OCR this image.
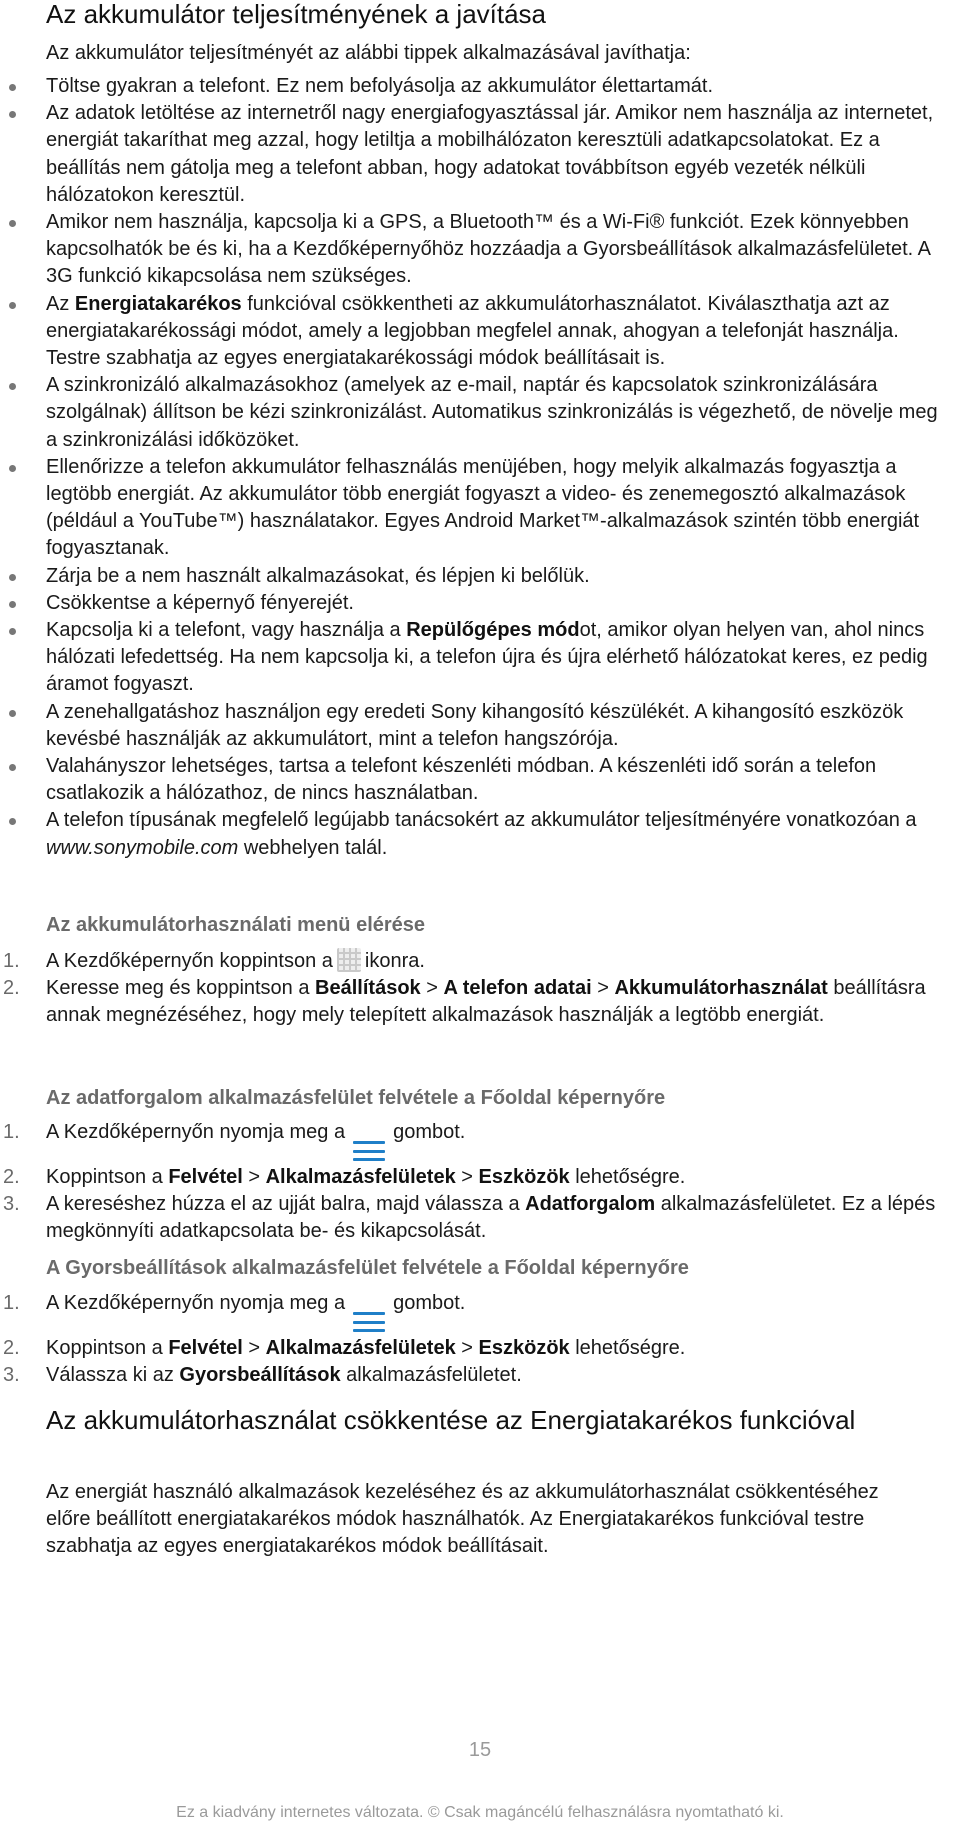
Az akkumulátor teljesítményének a javítása

Az akkumulátor teljesítményét az alábbi tippek alkalmazásával javíthatja:

Töltse gyakran a telefont. Ez nem befolyásolja az akkumulátor élettartamát.
Az adatok letöltése az internetről nagy energiafogyasztással jár. Amikor nem használja az internetet, energiát takaríthat meg azzal, hogy letiltja a mobilhálózaton keresztüli adatkapcsolatokat. Ez a beállítás nem gátolja meg a telefont abban, hogy adatokat továbbítson egyéb vezeték nélküli hálózatokon keresztül.
Amikor nem használja, kapcsolja ki a GPS, a Bluetooth™ és a Wi-Fi® funkciót. Ezek könnyebben kapcsolhatók be és ki, ha a Kezdőképernyőhöz hozzáadja a Gyorsbeállítások alkalmazásfelületet. A 3G funkció kikapcsolása nem szükséges.
Az Energiatakarékos funkcióval csökkentheti az akkumulátorhasználatot. Kiválaszthatja azt az energiatakarékossági módot, amely a legjobban megfelel annak, ahogyan a telefonját használja. Testre szabhatja az egyes energiatakarékossági módok beállításait is.
A szinkronizáló alkalmazásokhoz (amelyek az e-mail, naptár és kapcsolatok szinkronizálására szolgálnak) állítson be kézi szinkronizálást. Automatikus szinkronizálás is végezhető, de növelje meg a szinkronizálási időközöket.
Ellenőrizze a telefon akkumulátor felhasználás menüjében, hogy melyik alkalmazás fogyasztja a legtöbb energiát. Az akkumulátor több energiát fogyaszt a video- és zenemegosztó alkalmazások (például a YouTube™) használatakor. Egyes Android Market™-alkalmazások szintén több energiát fogyasztanak.
Zárja be a nem használt alkalmazásokat, és lépjen ki belőlük.
Csökkentse a képernyő fényerejét.
Kapcsolja ki a telefont, vagy használja a Repülőgépes módot, amikor olyan helyen van, ahol nincs hálózati lefedettség. Ha nem kapcsolja ki, a telefon újra és újra elérhető hálózatokat keres, ez pedig áramot fogyaszt.
A zenehallgatáshoz használjon egy eredeti Sony kihangosító készülékét. A kihangosító eszközök kevésbé használják az akkumulátort, mint a telefon hangszórója.
Valahányszor lehetséges, tartsa a telefont készenléti módban. A készenléti idő során a telefon csatlakozik a hálózathoz, de nincs használatban.
A telefon típusának megfelelő legújabb tanácsokért az akkumulátor teljesítményére vonatkozóan a www.sonymobile.com webhelyen talál.
Az akkumulátorhasználati menü elérése
1. A Kezdőképernyőn koppintson a ikonra.
2. Keresse meg és koppintson a Beállítások > A telefon adatai > Akkumulátorhasználat beállításra annak megnézéséhez, hogy mely telepített alkalmazások használják a legtöbb energiát.
Az adatforgalom alkalmazásfelület felvétele a Főoldal képernyőre
1. A Kezdőképernyőn nyomja meg a gombot.
2. Koppintson a Felvétel > Alkalmazásfelületek > Eszközök lehetőségre.
3. A kereséshez húzza el az ujját balra, majd válassza a Adatforgalom alkalmazásfelületet. Ez a lépés megkönnyíti adatkapcsolata be- és kikapcsolását.
A Gyorsbeállítások alkalmazásfelület felvétele a Főoldal képernyőre
1. A Kezdőképernyőn nyomja meg a gombot.
2. Koppintson a Felvétel > Alkalmazásfelületek > Eszközök lehetőségre.
3. Válassza ki az Gyorsbeállítások alkalmazásfelületet.
Az akkumulátorhasználat csökkentése az Energiatakarékos funkcióval

Az energiát használó alkalmazások kezeléséhez és az akkumulátorhasználat csökkentéséhez előre beállított energiatakarékos módok használhatók. Az Energiatakarékos funkcióval testre szabhatja az egyes energiatakarékos módok beállításait.

15
Ez a kiadvány internetes változata. © Csak magáncélú felhasználásra nyomtatható ki.
